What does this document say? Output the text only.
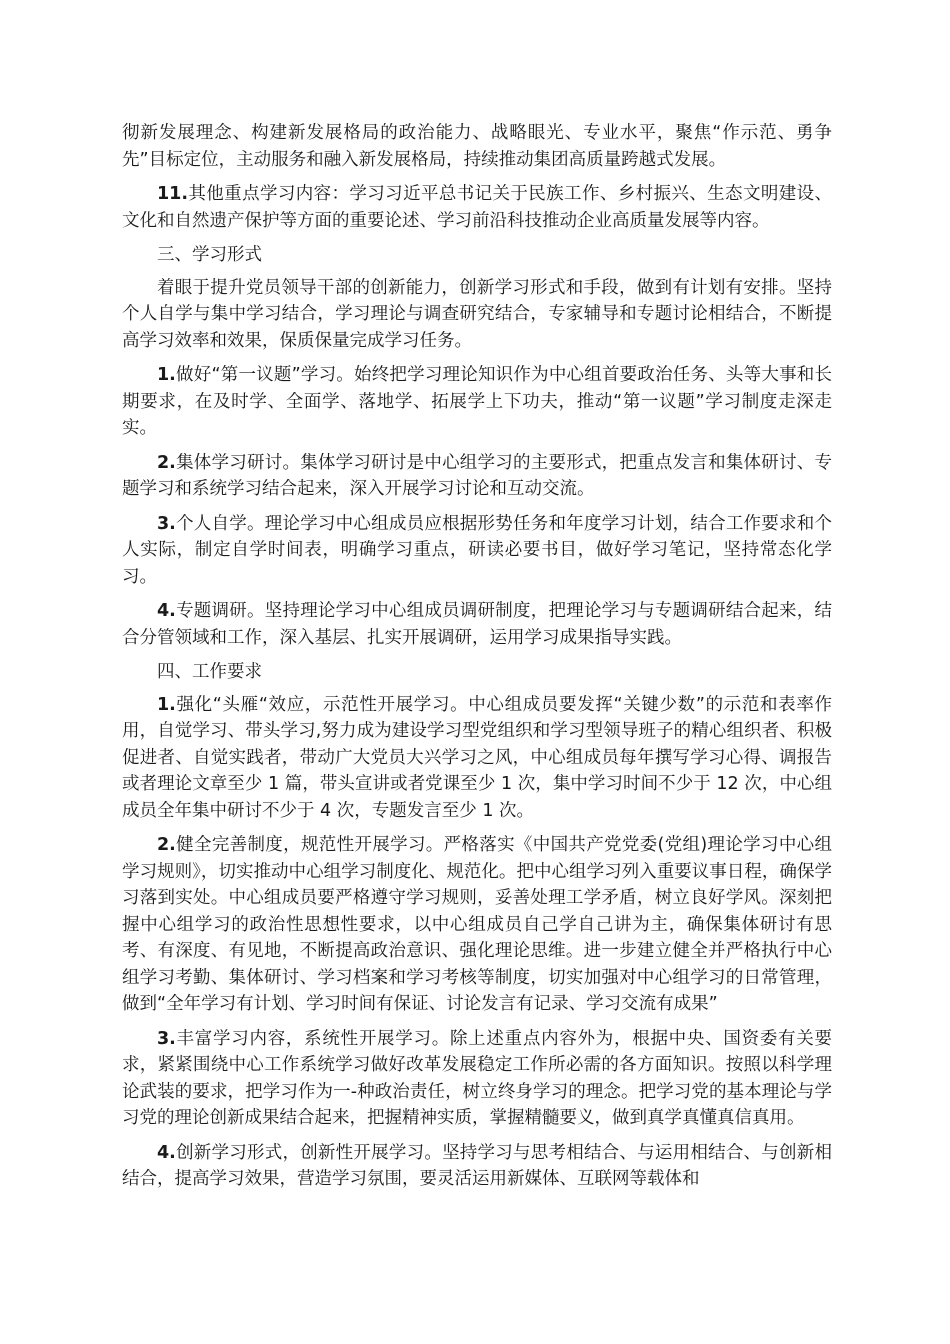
彻新发展理念、构建新发展格局的政治能力、战略眼光、专业水平，聚焦“作示范、勇争先”目标定位，主动服务和融入新发展格局，持续推动集团高质量跨越式发展。

11.其他重点学习内容：学习习近平总书记关于民族工作、乡村振兴、生态文明建设、文化和自然遗产保护等方面的重要论述、学习前沿科技推动企业高质量发展等内容。

三、学习形式

着眼于提升党员领导干部的创新能力，创新学习形式和手段，做到有计划有安排。坚持个人自学与集中学习结合，学习理论与调查研究结合，专家辅导和专题讨论相结合，不断提高学习效率和效果，保质保量完成学习任务。

1.做好“第一议题”学习。始终把学习理论知识作为中心组首要政治任务、头等大事和长期要求，在及时学、全面学、落地学、拓展学上下功夫，推动“第一议题”学习制度走深走实。

2.集体学习研讨。集体学习研讨是中心组学习的主要形式，把重点发言和集体研讨、专题学习和系统学习结合起来，深入开展学习讨论和互动交流。

3.个人自学。理论学习中心组成员应根据形势任务和年度学习计划，结合工作要求和个人实际，制定自学时间表，明确学习重点，研读必要书目，做好学习笔记，坚持常态化学习。

4.专题调研。坚持理论学习中心组成员调研制度，把理论学习与专题调研结合起来，结合分管领域和工作，深入基层、扎实开展调研，运用学习成果指导实践。

四、工作要求

1.强化“头雁“效应，示范性开展学习。中心组成员要发挥“关键少数”的示范和表率作用，自觉学习、带头学习,努力成为建设学习型党组织和学习型领导班子的精心组织者、积极促进者、自觉实践者，带动广大党员大兴学习之风，中心组成员每年撰写学习心得、调报告或者理论文章至少 1 篇，带头宣讲或者党课至少 1 次，集中学习时间不少于 12 次，中心组成员全年集中研讨不少于 4 次，专题发言至少 1 次。

2.健全完善制度，规范性开展学习。严格落实《中国共产党党委(党组)理论学习中心组学习规则》，切实推动中心组学习制度化、规范化。把中心组学习列入重要议事日程，确保学习落到实处。中心组成员要严格遵守学习规则，妥善处理工学矛盾，树立良好学风。深刻把握中心组学习的政治性思想性要求，以中心组成员自己学自己讲为主，确保集体研讨有思考、有深度、有见地，不断提高政治意识、强化理论思维。进一步建立健全并严格执行中心组学习考勤、集体研讨、学习档案和学习考核等制度，切实加强对中心组学习的日常管理，做到“全年学习有计划、学习时间有保证、讨论发言有记录、学习交流有成果”

3.丰富学习内容，系统性开展学习。除上述重点内容外为，根据中央、国资委有关要求，紧紧围绕中心工作系统学习做好改革发展稳定工作所必需的各方面知识。按照以科学理论武装的要求，把学习作为一-种政治责任，树立终身学习的理念。把学习党的基本理论与学习党的理论创新成果结合起来，把握精神实质，掌握精髓要义，做到真学真懂真信真用。

4.创新学习形式，创新性开展学习。坚持学习与思考相结合、与运用相结合、与创新相结合，提高学习效果，营造学习氛围，要灵活运用新媒体、互联网等载体和
